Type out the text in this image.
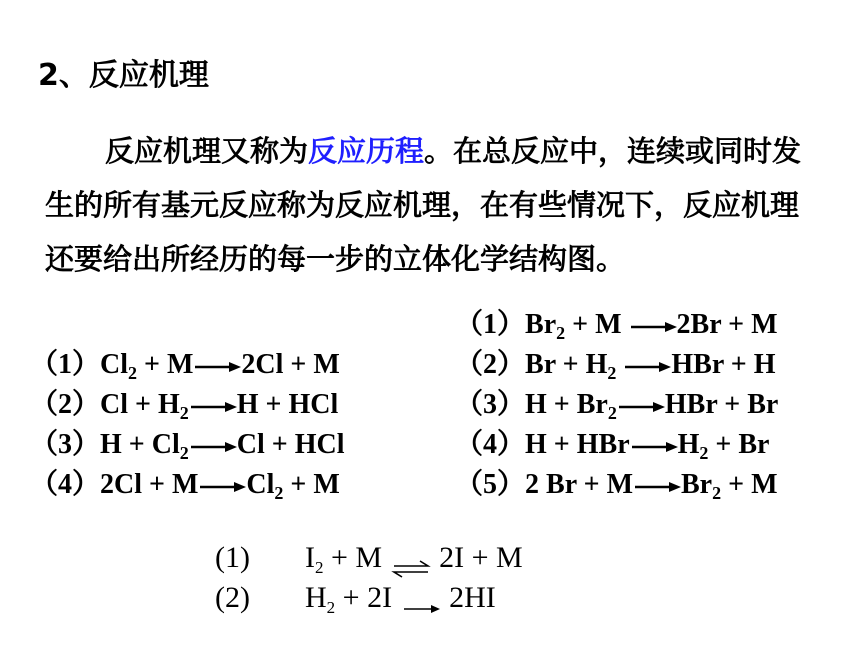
2、反应机理
反应机理又称为反应历程。在总反应中，连续或同时发生的所有基元反应称为反应机理，在有些情况下，反应机理还要给出所经历的每一步的立体化学结构图。
$(1)Cl_2 + M\to 2Cl + M$
$(2)Cl + H_2\to H$ + HCl
$(3)H + Cl_2\to Cl$ + HCl
$(4)2Cl + M\to Cl_2 + M$
$(1)Br_2 + M \to 2Br + M$
$(2)Br + H_2 \to HBr + H$
$(3)H + Br_2\to HBr + Br$
$(4)H + HBr\to H_2 + Br$
（5）2 $Br + M\to Br_2 + M$
(1) $I_2 + M$ ⇌ 2I + M
(2) $H_2 + 2I$  2HI
